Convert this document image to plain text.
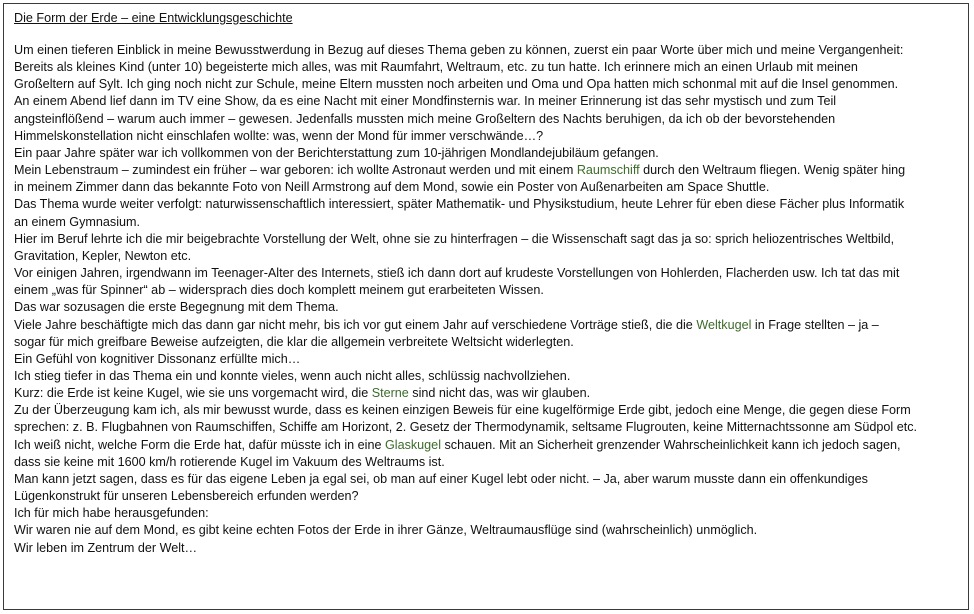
Die Form der Erde – eine Entwicklungsgeschichte

Um einen tieferen Einblick in meine Bewusstwerdung in Bezug auf dieses Thema geben zu können, zuerst ein paar Worte über mich und meine Vergangenheit:

Bereits als kleines Kind (unter 10) begeisterte mich alles, was mit Raumfahrt, Weltraum, etc. zu tun hatte. Ich erinnere mich an einen Urlaub mit meinen

Großeltern auf Sylt. Ich ging noch nicht zur Schule, meine Eltern mussten noch arbeiten und Oma und Opa hatten mich schonmal mit auf die Insel genommen.

An einem Abend lief dann im TV eine Show, da es eine Nacht mit einer Mondfinsternis war. In meiner Erinnerung ist das sehr mystisch und zum Teil

angsteinflößend – warum auch immer – gewesen. Jedenfalls mussten mich meine Großeltern des Nachts beruhigen, da ich ob der bevorstehenden

Himmelskonstellation nicht einschlafen wollte: was, wenn der Mond für immer verschwände…?

Ein paar Jahre später war ich vollkommen von der Berichterstattung zum 10-jährigen Mondlandejubiläum gefangen.

Mein Lebenstraum – zumindest ein früher – war geboren: ich wollte Astronaut werden und mit einem Raumschiff durch den Weltraum fliegen. Wenig später hing

in meinem Zimmer dann das bekannte Foto von Neill Armstrong auf dem Mond, sowie ein Poster von Außenarbeiten am Space Shuttle.

Das Thema wurde weiter verfolgt: naturwissenschaftlich interessiert, später Mathematik- und Physikstudium, heute Lehrer für eben diese Fächer plus Informatik

an einem Gymnasium.

Hier im Beruf lehrte ich die mir beigebrachte Vorstellung der Welt, ohne sie zu hinterfragen – die Wissenschaft sagt das ja so: sprich heliozentrisches Weltbild,

Gravitation, Kepler, Newton etc.

Vor einigen Jahren, irgendwann im Teenager-Alter des Internets, stieß ich dann dort auf krudeste Vorstellungen von Hohlerden, Flacherden usw. Ich tat das mit

einem „was für Spinner“ ab – widersprach dies doch komplett meinem gut erarbeiteten Wissen.

Das war sozusagen die erste Begegnung mit dem Thema.

Viele Jahre beschäftigte mich das dann gar nicht mehr, bis ich vor gut einem Jahr auf verschiedene Vorträge stieß, die die Weltkugel in Frage stellten – ja –

sogar für mich greifbare Beweise aufzeigten, die klar die allgemein verbreitete Weltsicht widerlegten.

Ein Gefühl von kognitiver Dissonanz erfüllte mich…

Ich stieg tiefer in das Thema ein und konnte vieles, wenn auch nicht alles, schlüssig nachvollziehen.

Kurz: die Erde ist keine Kugel, wie sie uns vorgemacht wird, die Sterne sind nicht das, was wir glauben.

Zu der Überzeugung kam ich, als mir bewusst wurde, dass es keinen einzigen Beweis für eine kugelförmige Erde gibt, jedoch eine Menge, die gegen diese Form

sprechen: z. B. Flugbahnen von Raumschiffen, Schiffe am Horizont, 2. Gesetz der Thermodynamik, seltsame Flugrouten, keine Mitternachtssonne am Südpol etc.

Ich weiß nicht, welche Form die Erde hat, dafür müsste ich in eine Glaskugel schauen. Mit an Sicherheit grenzender Wahrscheinlichkeit kann ich jedoch sagen,

dass sie keine mit 1600 km/h rotierende Kugel im Vakuum des Weltraums ist.

Man kann jetzt sagen, dass es für das eigene Leben ja egal sei, ob man auf einer Kugel lebt oder nicht. – Ja, aber warum musste dann ein offenkundiges

Lügenkonstrukt für unseren Lebensbereich erfunden werden?

Ich für mich habe herausgefunden:

Wir waren nie auf dem Mond, es gibt keine echten Fotos der Erde in ihrer Gänze, Weltraumausflüge sind (wahrscheinlich) unmöglich.

Wir leben im Zentrum der Welt…
